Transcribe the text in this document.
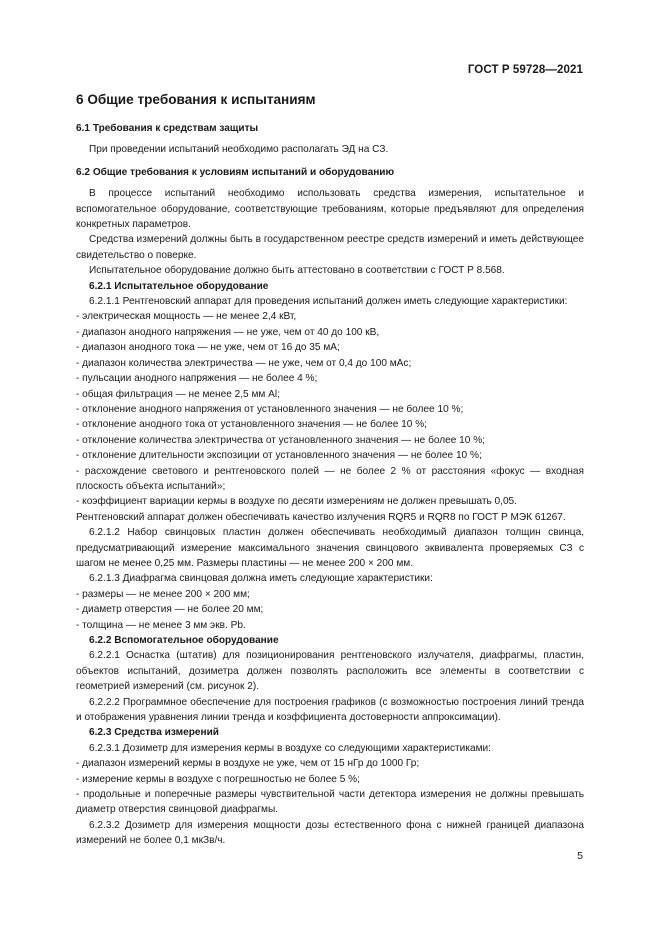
ГОСТ Р 59728—2021
6 Общие требования к испытаниям
6.1 Требования к средствам защиты

При проведении испытаний необходимо располагать ЭД на СЗ.

6.2 Общие требования к условиям испытаний и оборудованию

В процессе испытаний необходимо использовать средства измерения, испытательное и вспомогательное оборудование, соответствующие требованиям, которые предъявляют для определения конкретных параметров.

Средства измерений должны быть в государственном реестре средств измерений и иметь действующее свидетельство о поверке.

Испытательное оборудование должно быть аттестовано в соответствии с ГОСТ Р 8.568.

6.2.1 Испытательное оборудование

6.2.1.1 Рентгеновский аппарат для проведения испытаний должен иметь следующие характеристики:

- электрическая мощность — не менее 2,4 кВт,
- диапазон анодного напряжения — не уже, чем от 40 до 100 кВ,
- диапазон анодного тока — не уже, чем от 16 до 35 мА;
- диапазон количества электричества — не уже, чем от 0,4 до 100 мАс;
- пульсации анодного напряжения — не более 4 %;
- общая фильтрация — не менее 2,5 мм Al;
- отклонение анодного напряжения от установленного значения — не более 10 %;
- отклонение анодного тока от установленного значения — не более 10 %;
- отклонение количества электричества от установленного значения — не более 10 %;
- отклонение длительности экспозиции от установленного значения — не более 10 %;
- расхождение светового и рентгеновского полей — не более 2 % от расстояния «фокус — входная плоскость объекта испытаний»;
- коэффициент вариации кермы в воздухе по десяти измерениям не должен превышать 0,05.

Рентгеновский аппарат должен обеспечивать качество излучения RQR5 и RQR8 по ГОСТ Р МЭК 61267.

6.2.1.2 Набор свинцовых пластин должен обеспечивать необходимый диапазон толщин свинца, предусматривающий измерение максимального значения свинцового эквивалента проверяемых СЗ с шагом не менее 0,25 мм. Размеры пластины — не менее 200 × 200 мм.

6.2.1.3 Диафрагма свинцовая должна иметь следующие характеристики:

- размеры — не менее 200 × 200 мм;
- диаметр отверстия — не более 20 мм;
- толщина — не менее 3 мм экв. Pb.

6.2.2 Вспомогательное оборудование

6.2.2.1 Оснастка (штатив) для позиционирования рентгеновского излучателя, диафрагмы, пластин, объектов испытаний, дозиметра должен позволять расположить все элементы в соответствии с геометрией измерений (см. рисунок 2).

6.2.2.2 Программное обеспечение для построения графиков (с возможностью построения линий тренда и отображения уравнения линии тренда и коэффициента достоверности аппроксимации).

6.2.3 Средства измерений

6.2.3.1 Дозиметр для измерения кермы в воздухе со следующими характеристиками:

- диапазон измерений кермы в воздухе не уже, чем от 15 нГр до 1000 Гр;
- измерение кермы в воздухе с погрешностью не более 5 %;
- продольные и поперечные размеры чувствительной части детектора измерения не должны превышать диаметр отверстия свинцовой диафрагмы.

6.2.3.2 Дозиметр для измерения мощности дозы естественного фона с нижней границей диапазона измерений не более 0,1 мкЗв/ч.

5
